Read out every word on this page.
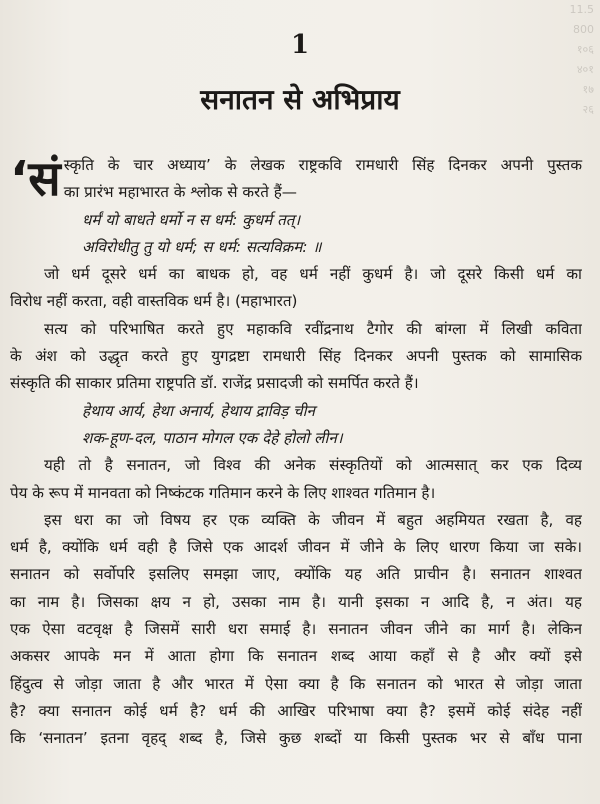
11.5
800
१०६
४०१
१७
२६
1
सनातन से अभिप्राय
‘सं स्कृति के चार अध्याय’ के लेखक राष्ट्रकवि रामधारी सिंह दिनकर अपनी पुस्तक
का प्रारंभ महाभारत के श्लोक से करते हैं—
धर्मं यो बाधते धर्मो न स धर्म: कुधर्म तत्।
अविरोधीतु तु यो धर्म; स धर्म: सत्यविक्रम: ॥
जो धर्म दूसरे धर्म का बाधक हो, वह धर्म नहीं कुधर्म है। जो दूसरे किसी धर्म का
विरोध नहीं करता, वही वास्तविक धर्म है। (महाभारत)
सत्य को परिभाषित करते हुए महाकवि रवींद्रनाथ टैगोर की बांग्ला में लिखी कविता
के अंश को उद्धृत करते हुए युगद्रष्टा रामधारी सिंह दिनकर अपनी पुस्तक को सामासिक
संस्कृति की साकार प्रतिमा राष्ट्रपति डॉ. राजेंद्र प्रसादजी को समर्पित करते हैं।
हेथाय आर्य, हेथा अनार्य, हेथाय द्राविड़ चीन
शक-हूण-दल, पाठान मोगल एक देहे होलो लीन।
यही तो है सनातन, जो विश्व की अनेक संस्कृतियों को आत्मसात् कर एक दिव्य
पेय के रूप में मानवता को निष्कंटक गतिमान करने के लिए शाश्वत गतिमान है।
इस धरा का जो विषय हर एक व्यक्ति के जीवन में बहुत अहमियत रखता है, वह
धर्म है, क्योंकि धर्म वही है जिसे एक आदर्श जीवन में जीने के लिए धारण किया जा सके।
सनातन को सर्वोपरि इसलिए समझा जाए, क्योंकि यह अति प्राचीन है। सनातन शाश्वत
का नाम है। जिसका क्षय न हो, उसका नाम है। यानी इसका न आदि है, न अंत। यह
एक ऐसा वटवृक्ष है जिसमें सारी धरा समाई है। सनातन जीवन जीने का मार्ग है। लेकिन
अकसर आपके मन में आता होगा कि सनातन शब्द आया कहाँ से है और क्यों इसे
हिंदुत्व से जोड़ा जाता है और भारत में ऐसा क्या है कि सनातन को भारत से जोड़ा जाता
है? क्या सनातन कोई धर्म है? धर्म की आखिर परिभाषा क्या है? इसमें कोई संदेह नहीं
कि ‘सनातन’ इतना वृहद् शब्द है, जिसे कुछ शब्दों या किसी पुस्तक भर से बाँध पाना
